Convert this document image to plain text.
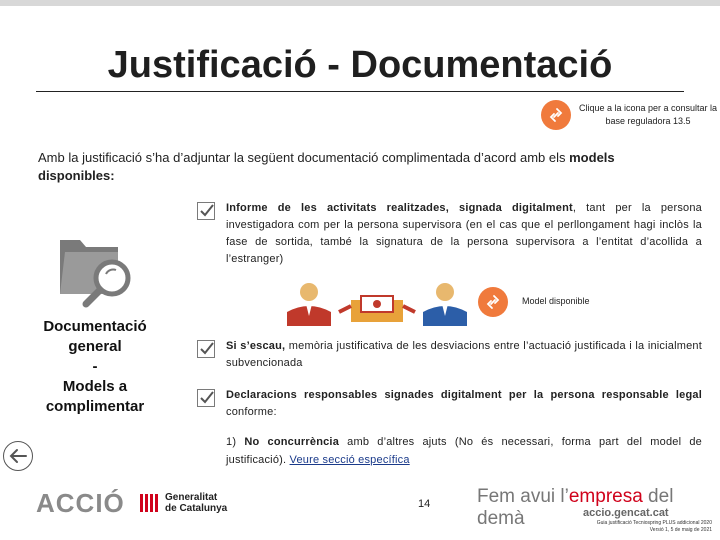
Justificació - Documentació
Clique a la icona per a consultar la base reguladora 13.5

Amb la justificació s’ha d’adjuntar la següent documentació complimentada d’acord amb els models disponibles:

Documentació general
-
Models a complimentar

Informe de les activitats realitzades, signada digitalment, tant per la persona investigadora com per la persona supervisora (en el cas que el perllongament hagi inclòs la fase de sortida, també la signatura de la persona supervisora a l’entitat d’acollida a l’estranger)

Model disponible

Si s’escau, memòria justificativa de les desviacions entre l’actuació justificada i la inicialment subvencionada

Declaracions responsables signades digitalment per la persona responsable legal conforme:

1) No concurrència amb d’altres ajuts (No és necessari, forma part del model de justificació). Veure secció específica

ACCIÓ	Generalitat
de Catalunya	14 Fem avui l’empresa del demà	accio.gencat.cat
Guia justificació Tecniospring PLUS addicional 2020
Versió 1, 5 de maig de 2021
